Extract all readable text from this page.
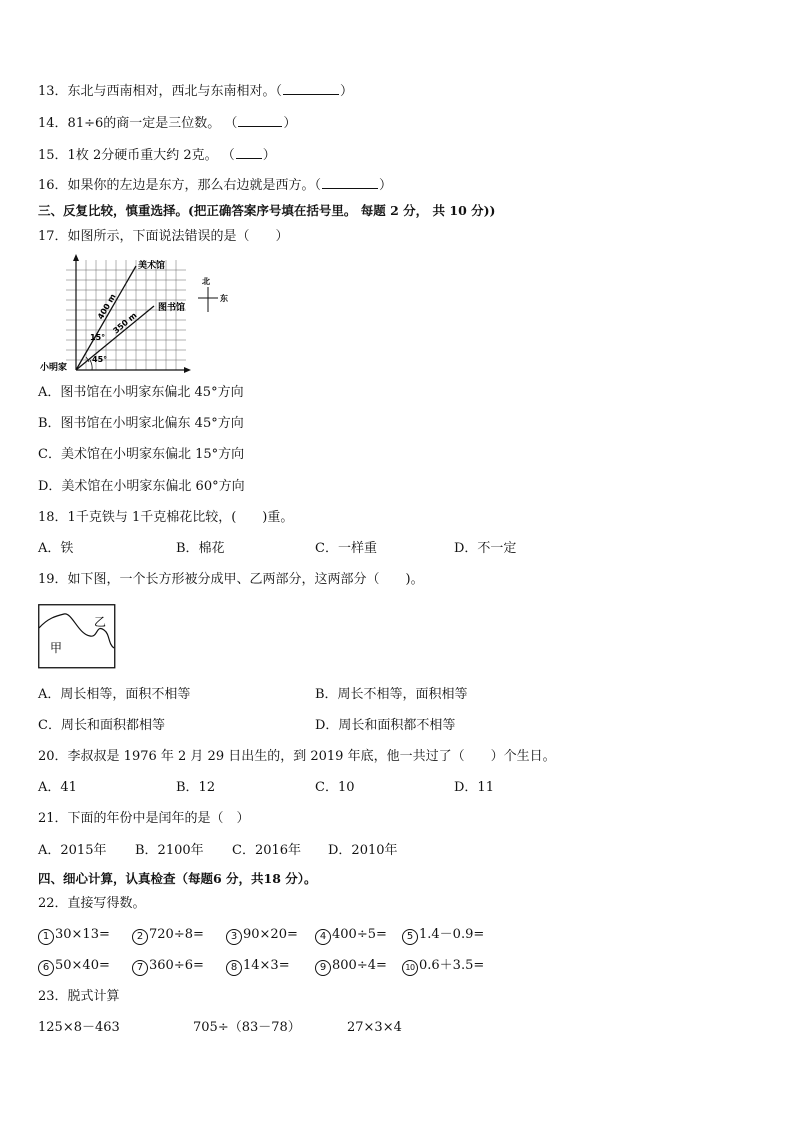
13．东北与西南相对，西北与东南相对。（	）
14．81÷6的商一定是三位数。 （	）
15．1枚 2分硬币重大约 2克。 （ ）
16．如果你的左边是东方，那么右边就是西方。（	）
三、反复比较，慎重选择。(把正确答案序号填在括号里。 每题 2 分， 共 10 分))
17．如图所示，下面说法错误的是（　　）
美术馆
图书馆
小明家
400 m
350 m
15°
45°
北
东
A．图书馆在小明家东偏北 45°方向
B．图书馆在小明家北偏东 45°方向
C．美术馆在小明家东偏北 15°方向
D．美术馆在小明家东偏北 60°方向
18．1千克铁与 1千克棉花比较，(　　)重。
A．铁	B．棉花	C．一样重	D．不一定
19．如下图，一个长方形被分成甲、乙两部分，这两部分（　　)。
甲
乙
A．周长相等，面积不相等	B．周长不相等，面积相等
C．周长和面积都相等	D．周长和面积都不相等
20．李叔叔是 1976 年 2 月 29 日出生的，到 2019 年底，他一共过了（　　）个生日。
A．41	B．12	C．10	D．11
21．下面的年份中是闰年的是（　）
A．2015年 B．2100年 C．2016年 D．2010年
四、细心计算，认真检查（每题6 分，共18 分）。
22．直接写得数。
1 30×13=	2 720÷8=	3 90×20=	4 400÷5=	5 1.4－0.9=
6 50×40=	7 360÷6=	8 14×3=	9 800÷4=	10 0.6＋3.5=
23．脱式计算
125×8－463	705÷（83－78）	27×3×4
